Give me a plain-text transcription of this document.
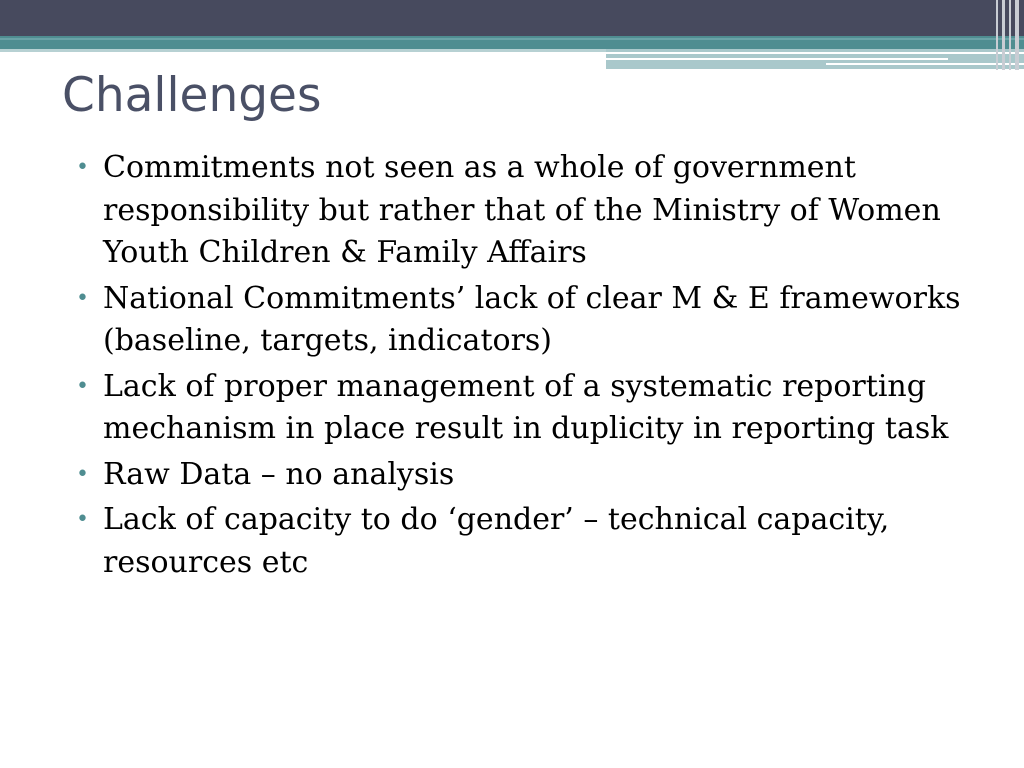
Challenges
• Commitments not seen as a whole of government responsibility but rather that of the Ministry of Women Youth Children & Family Affairs
• National Commitments’ lack of clear M & E frameworks (baseline, targets, indicators)
• Lack of proper management of a systematic reporting mechanism in place result in duplicity in reporting task
• Raw Data – no analysis
• Lack of capacity to do ‘gender’ – technical capacity, resources etc
